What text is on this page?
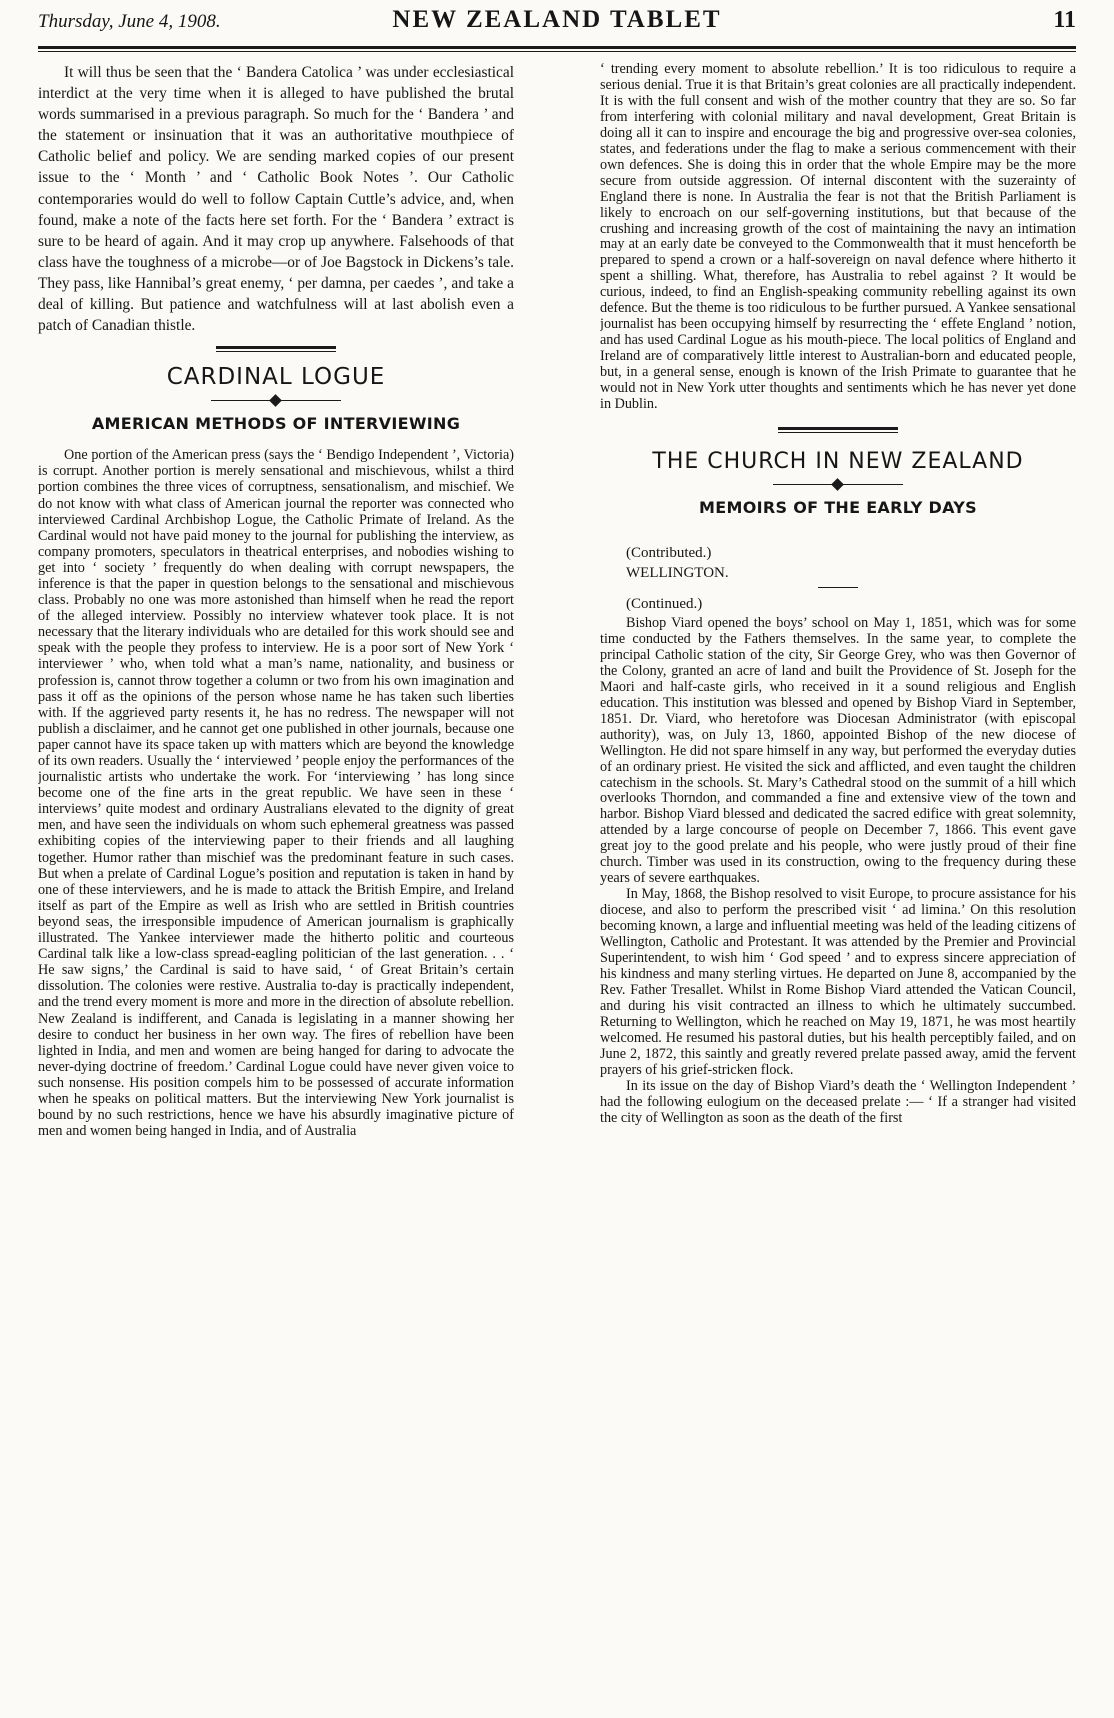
Thursday, June 4, 1908.	NEW ZEALAND TABLET	11

It will thus be seen that the ‘ Bandera Catolica ’ was under ecclesiastical interdict at the very time when it is alleged to have published the brutal words summarised in a previous paragraph. So much for the ‘ Bandera ’ and the statement or insinuation that it was an authoritative mouthpiece of Catholic belief and policy. We are sending marked copies of our present issue to the ‘ Month ’ and ‘ Catholic Book Notes ’. Our Catholic contemporaries would do well to follow Captain Cuttle’s advice, and, when found, make a note of the facts here set forth. For the ‘ Bandera ’ extract is sure to be heard of again. And it may crop up anywhere. Falsehoods of that class have the toughness of a microbe—or of Joe Bagstock in Dickens’s tale. They pass, like Hannibal’s great enemy, ‘ per damna, per caedes ’, and take a deal of killing. But patience and watchfulness will at last abolish even a patch of Canadian thistle.

CARDINAL LOGUE
AMERICAN METHODS OF INTERVIEWING

One portion of the American press (says the ‘ Bendigo Independent ’, Victoria) is corrupt. Another portion is merely sensational and mischievous, whilst a third portion combines the three vices of corruptness, sensationalism, and mischief. We do not know with what class of American journal the reporter was connected who interviewed Cardinal Archbishop Logue, the Catholic Primate of Ireland. As the Cardinal would not have paid money to the journal for publishing the interview, as company promoters, speculators in theatrical enterprises, and nobodies wishing to get into ‘ society ’ frequently do when dealing with corrupt newspapers, the inference is that the paper in question belongs to the sensational and mischievous class. Probably no one was more astonished than himself when he read the report of the alleged interview. Possibly no interview whatever took place. It is not necessary that the literary individuals who are detailed for this work should see and speak with the people they profess to interview. He is a poor sort of New York ‘ interviewer ’ who, when told what a man’s name, nationality, and business or profession is, cannot throw together a column or two from his own imagination and pass it off as the opinions of the person whose name he has taken such liberties with. If the aggrieved party resents it, he has no redress. The newspaper will not publish a disclaimer, and he cannot get one published in other journals, because one paper cannot have its space taken up with matters which are beyond the knowledge of its own readers. Usually the ‘ interviewed ’ people enjoy the performances of the journalistic artists who undertake the work. For ‘interviewing ’ has long since become one of the fine arts in the great republic. We have seen in these ‘ interviews’ quite modest and ordinary Australians elevated to the dignity of great men, and have seen the individuals on whom such ephemeral greatness was passed exhibiting copies of the interviewing paper to their friends and all laughing together. Humor rather than mischief was the predominant feature in such cases. But when a prelate of Cardinal Logue’s position and reputation is taken in hand by one of these interviewers, and he is made to attack the British Empire, and Ireland itself as part of the Empire as well as Irish who are settled in British countries beyond seas, the irresponsible impudence of American journalism is graphically illustrated. The Yankee interviewer made the hitherto politic and courteous Cardinal talk like a low-class spread-eagling politician of the last generation. . . ‘ He saw signs,’ the Cardinal is said to have said, ‘ of Great Britain’s certain dissolution. The colonies were restive. Australia to-day is practically independent, and the trend every moment is more and more in the direction of absolute rebellion. New Zealand is indifferent, and Canada is legislating in a manner showing her desire to conduct her business in her own way. The fires of rebellion have been lighted in India, and men and women are being hanged for daring to advocate the never-dying doctrine of freedom.’ Cardinal Logue could have never given voice to such nonsense. His position compels him to be possessed of accurate information when he speaks on political matters. But the interviewing New York journalist is bound by no such restrictions, hence we have his absurdly imaginative picture of men and women being hanged in India, and of Australia

‘ trending every moment to absolute rebellion.’ It is too ridiculous to require a serious denial. True it is that Britain’s great colonies are all practically independent. It is with the full consent and wish of the mother country that they are so. So far from interfering with colonial military and naval development, Great Britain is doing all it can to inspire and encourage the big and progressive over-sea colonies, states, and federations under the flag to make a serious commencement with their own defences. She is doing this in order that the whole Empire may be the more secure from outside aggression. Of internal discontent with the suzerainty of England there is none. In Australia the fear is not that the British Parliament is likely to encroach on our self-governing institutions, but that because of the crushing and increasing growth of the cost of maintaining the navy an intimation may at an early date be conveyed to the Commonwealth that it must henceforth be prepared to spend a crown or a half-sovereign on naval defence where hitherto it spent a shilling. What, therefore, has Australia to rebel against ? It would be curious, indeed, to find an English-speaking community rebelling against its own defence. But the theme is too ridiculous to be further pursued. A Yankee sensational journalist has been occupying himself by resurrecting the ‘ effete England ’ notion, and has used Cardinal Logue as his mouth-piece. The local politics of England and Ireland are of comparatively little interest to Australian-born and educated people, but, in a general sense, enough is known of the Irish Primate to guarantee that he would not in New York utter thoughts and sentiments which he has never yet done in Dublin.

THE CHURCH IN NEW ZEALAND
MEMOIRS OF THE EARLY DAYS

(Contributed.)

WELLINGTON.

(Continued.)

Bishop Viard opened the boys’ school on May 1, 1851, which was for some time conducted by the Fathers themselves. In the same year, to complete the principal Catholic station of the city, Sir George Grey, who was then Governor of the Colony, granted an acre of land and built the Providence of St. Joseph for the Maori and half-caste girls, who received in it a sound religious and English education. This institution was blessed and opened by Bishop Viard in September, 1851. Dr. Viard, who heretofore was Diocesan Administrator (with episcopal authority), was, on July 13, 1860, appointed Bishop of the new diocese of Wellington. He did not spare himself in any way, but performed the everyday duties of an ordinary priest. He visited the sick and afflicted, and even taught the children catechism in the schools. St. Mary’s Cathedral stood on the summit of a hill which overlooks Thorndon, and commanded a fine and extensive view of the town and harbor. Bishop Viard blessed and dedicated the sacred edifice with great solemnity, attended by a large concourse of people on December 7, 1866. This event gave great joy to the good prelate and his people, who were justly proud of their fine church. Timber was used in its construction, owing to the frequency during these years of severe earthquakes.

In May, 1868, the Bishop resolved to visit Europe, to procure assistance for his diocese, and also to perform the prescribed visit ‘ ad limina.’ On this resolution becoming known, a large and influential meeting was held of the leading citizens of Wellington, Catholic and Protestant. It was attended by the Premier and Provincial Superintendent, to wish him ‘ God speed ’ and to express sincere appreciation of his kindness and many sterling virtues. He departed on June 8, accompanied by the Rev. Father Tresallet. Whilst in Rome Bishop Viard attended the Vatican Council, and during his visit contracted an illness to which he ultimately succumbed. Returning to Wellington, which he reached on May 19, 1871, he was most heartily welcomed. He resumed his pastoral duties, but his health perceptibly failed, and on June 2, 1872, this saintly and greatly revered prelate passed away, amid the fervent prayers of his grief-stricken flock.

In its issue on the day of Bishop Viard’s death the ‘ Wellington Independent ’ had the following eulogium on the deceased prelate :— ‘ If a stranger had visited the city of Wellington as soon as the death of the first
